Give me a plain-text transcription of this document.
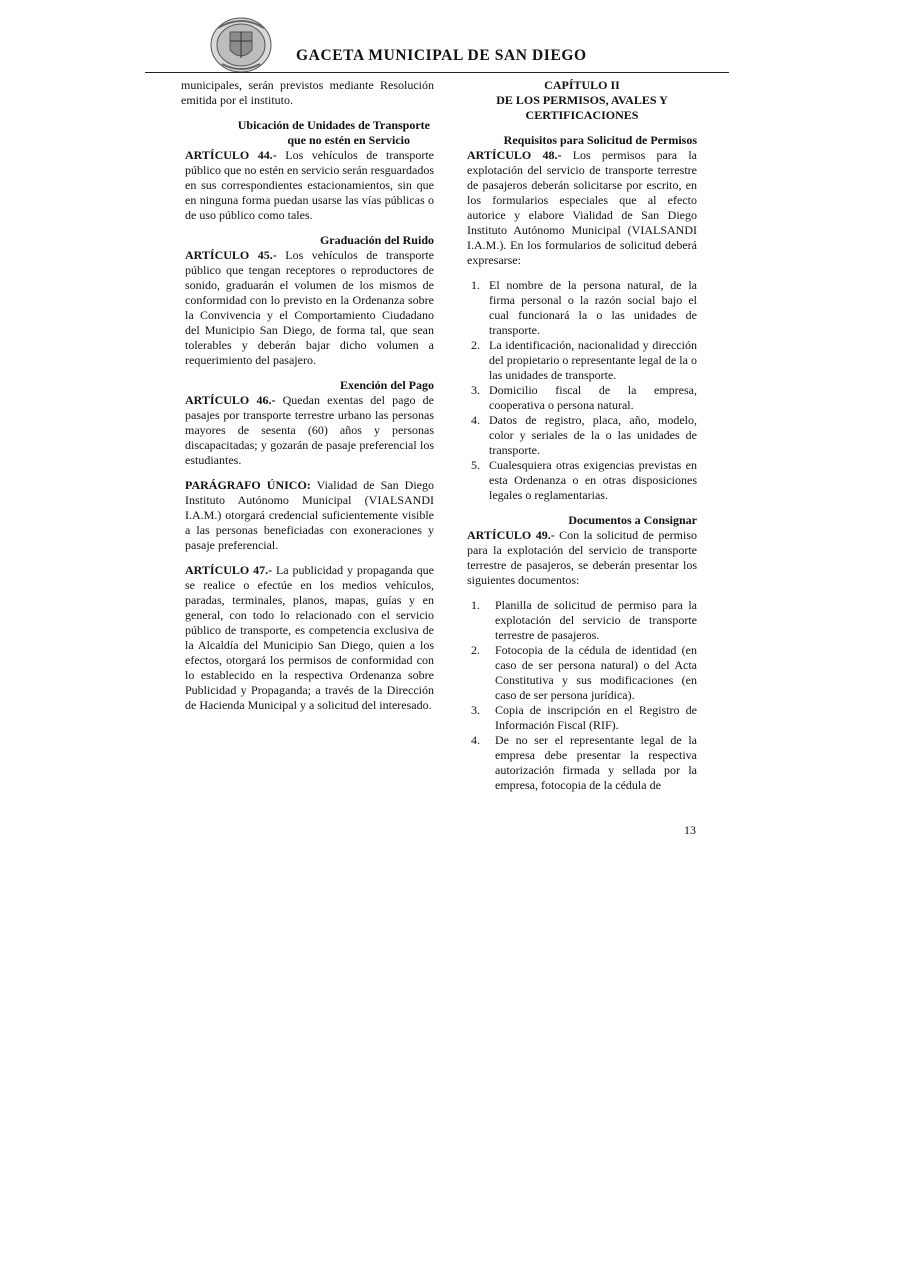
GACETA MUNICIPAL DE SAN DIEGO

municipales, serán previstos mediante Resolución emitida por el instituto.

Ubicación de Unidades de Transporte
que no estén en Servicio

ARTÍCULO 44.- Los vehículos de transporte público que no estén en servicio serán resguardados en sus correspondientes estacionamientos, sin que en ninguna forma puedan usarse las vías públicas o de uso público como tales.

Graduación del Ruido

ARTÍCULO 45.- Los vehículos de transporte público que tengan receptores o reproductores de sonido, graduarán el volumen de los mismos de conformidad con lo previsto en la Ordenanza sobre la Convivencia y el Comportamiento Ciudadano del Municipio San Diego, de forma tal, que sean tolerables y deberán bajar dicho volumen a requerimiento del pasajero.

Exención del Pago

ARTÍCULO 46.- Quedan exentas del pago de pasajes por transporte terrestre urbano las personas mayores de sesenta (60) años y personas discapacitadas; y gozarán de pasaje preferencial los estudiantes.

PARÁGRAFO ÚNICO: Vialidad de San Diego Instituto Autónomo Municipal (VIALSANDI I.A.M.) otorgará credencial suficientemente visible a las personas beneficiadas con exoneraciones y pasaje preferencial.

ARTÍCULO 47.- La publicidad y propaganda que se realice o efectúe en los medios vehículos, paradas, terminales, planos, mapas, guías y en general, con todo lo relacionado con el servicio público de transporte, es competencia exclusiva de la Alcaldía del Municipio San Diego, quien a los efectos, otorgará los permisos de conformidad con lo establecido en la respectiva Ordenanza sobre Publicidad y Propaganda; a través de la Dirección de Hacienda Municipal y a solicitud del interesado.

CAPÍTULO II
DE LOS PERMISOS, AVALES Y
CERTIFICACIONES
Requisitos para Solicitud de Permisos

ARTÍCULO 48.- Los permisos para la explotación del servicio de transporte terrestre de pasajeros deberán solicitarse por escrito, en los formularios especiales que al efecto autorice y elabore Vialidad de San Diego Instituto Autónomo Municipal (VIALSANDI I.A.M.). En los formularios de solicitud deberá expresarse:

1. El nombre de la persona natural, de la firma personal o la razón social bajo el cual funcionará la o las unidades de transporte.
2. La identificación, nacionalidad y dirección del propietario o representante legal de la o las unidades de transporte.
3. Domicilio fiscal de la empresa, cooperativa o persona natural.
4. Datos de registro, placa, año, modelo, color y seriales de la o las unidades de transporte.
5. Cualesquiera otras exigencias previstas en esta Ordenanza o en otras disposiciones legales o reglamentarias.
Documentos a Consignar

ARTÍCULO 49.- Con la solicitud de permiso para la explotación del servicio de transporte terrestre de pasajeros, se deberán presentar los siguientes documentos:

1.	Planilla de solicitud de permiso para la explotación del servicio de transporte terrestre de pasajeros.
2.	Fotocopia de la cédula de identidad (en caso de ser persona natural) o del Acta Constitutiva y sus modificaciones (en caso de ser persona jurídica).
3.	Copia de inscripción en el Registro de Información Fiscal (RIF).
4.	De no ser el representante legal de la empresa debe presentar la respectiva autorización firmada y sellada por la empresa, fotocopia de la cédula de
13
